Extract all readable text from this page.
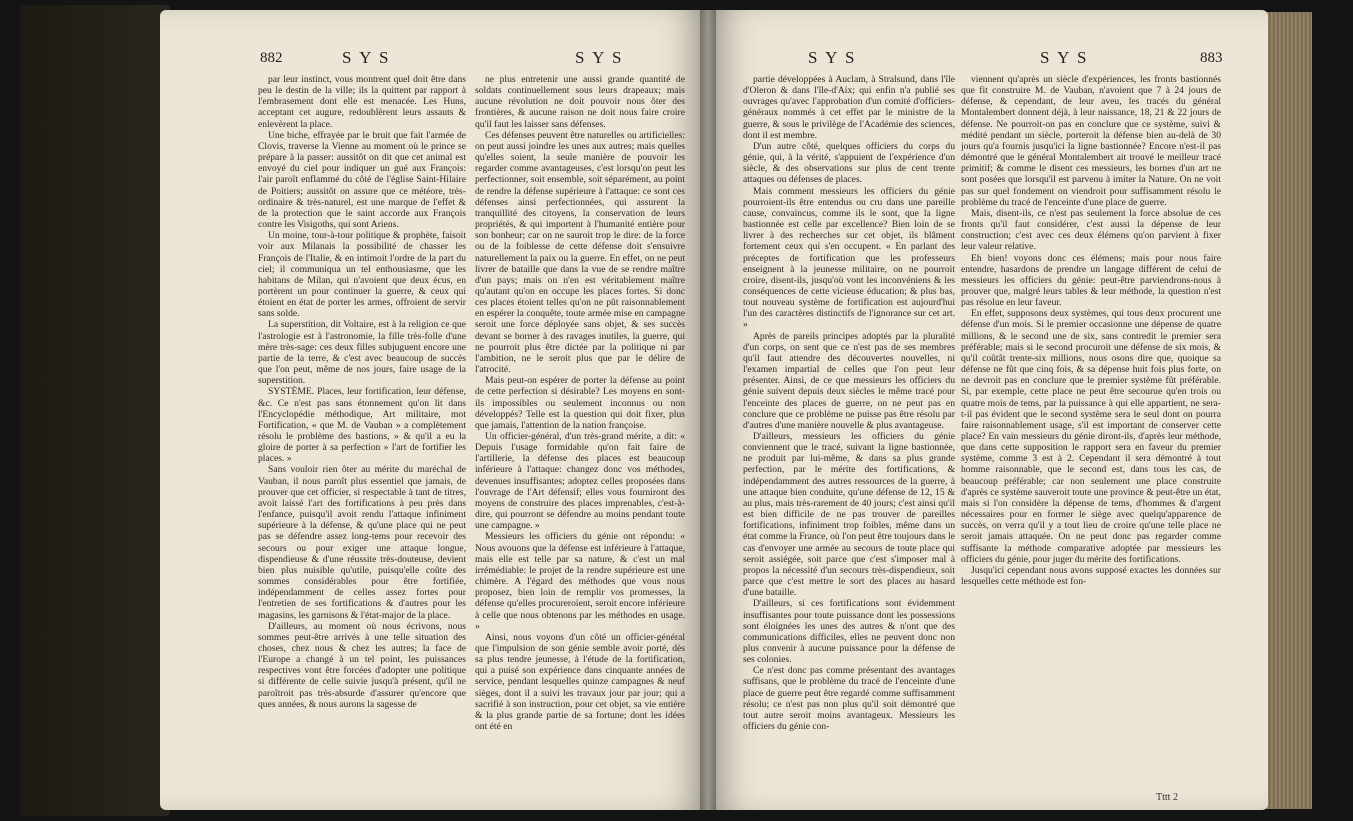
882	S Y S	S Y S

par leur instinct, vous montrent quel doit être dans peu le destin de la ville; ils la quittent par rapport à l'embrasement dont elle est menacée. Les Huns, acceptant cet augure, redoublèrent leurs assauts & enlevèrent la place.

Une biche, effrayée par le bruit que fait l'armée de Clovis, traverse la Vienne au moment où le prince se prépare à la passer: aussitôt on dit que cet animal est envoyé du ciel pour indiquer un gué aux François: l'air paroît enflammé du côté de l'église Saint-Hilaire de Poitiers; aussitôt on assure que ce météore, très-ordinaire & très-naturel, est une marque de l'effet & de la protection que le saint accorde aux François contre les Visigoths, qui sont Ariens.

Un moine, tour-à-tour politique & prophète, faisoit voir aux Milanais la possibilité de chasser les François de l'Italie, & en intimoit l'ordre de la part du ciel; il communiqua un tel enthousiasme, que les habitans de Milan, qui n'avoient que deux écus, en portèrent un pour continuer la guerre, & ceux qui étoient en état de porter les armes, offroient de servir sans solde.

La superstition, dit Voltaire, est à la religion ce que l'astrologie est à l'astronomie, la fille très-folle d'une mère très-sage: ces deux filles subjuguent encore une partie de la terre, & c'est avec beaucoup de succès que l'on peut, même de nos jours, faire usage de la superstition.

SYSTÈME. Places, leur fortification, leur défense, &c. Ce n'est pas sans étonnement qu'on lit dans l'Encyclopédie méthodique, Art militaire, mot Fortification, « que M. de Vauban » a complètement résolu le problème des bastions, » & qu'il a eu la gloire de porter à sa perfection » l'art de fortifier les places. »

Sans vouloir rien ôter au mérite du maréchal de Vauban, il nous paroît plus essentiel que jamais, de prouver que cet officier, si respectable à tant de titres, avoit laissé l'art des fortifications à peu près dans l'enfance, puisqu'il avoit rendu l'attaque infiniment supérieure à la défense, & qu'une place qui ne peut pas se défendre assez long-tems pour recevoir des secours ou pour exiger une attaque longue, dispendieuse & d'une réussite très-douteuse, devient bien plus nuisible qu'utile, puisqu'elle coûte des sommes considérables pour être fortifiée, indépendamment de celles assez fortes pour l'entretien de ses fortifications & d'autres pour les magasins, les garnisons & l'état-major de la place.

D'ailleurs, au moment où nous écrivons, nous sommes peut-être arrivés à une telle situation des choses, chez nous & chez les autres; la face de l'Europe a changé à un tel point, les puissances respectives vont être forcées d'adopter une politique si différente de celle suivie jusqu'à présent, qu'il ne paroîtroit pas très-absurde d'assurer qu'encore que ques années, & nous aurons la sagesse de

ne plus entretenir une aussi grande quantité de soldats continuellement sous leurs drapeaux; mais aucune révolution ne doit pouvoir nous ôter des frontières, & aucune raison ne doit nous faire croire qu'il faut les laisser sans défenses.

Ces défenses peuvent être naturelles ou artificielles: on peut aussi joindre les unes aux autres; mais quelles qu'elles soient, la seule manière de pouvoir les regarder comme avantageuses, c'est lorsqu'on peut les perfectionner, soit ensemble, soit séparément, au point de rendre la défense supérieure à l'attaque: ce sont ces défenses ainsi perfectionnées, qui assurent la tranquillité des citoyens, la conservation de leurs propriétés, & qui importent à l'humanité entière pour son bonheur; car on ne sauroit trop le dire: de la force ou de la foiblesse de cette défense doit s'ensuivre naturellement la paix ou la guerre. En effet, on ne peut livrer de bataille que dans la vue de se rendre maître d'un pays; mais on n'en est véritablement maître qu'autant qu'on en occupe les places fortes. Si donc ces places étoient telles qu'on ne pût raisonnablement en espérer la conquête, toute armée mise en campagne seroit une force déployée sans objet, & ses succès devant se borner à des ravages inutiles, la guerre, qui ne pourroit plus être dictée par la politique ni par l'ambition, ne le seroit plus que par le délire de l'atrocité.

Mais peut-on espérer de porter la défense au point de cette perfection si désirable? Les moyens en sont-ils impossibles ou seulement inconnus ou non développés? Telle est la question qui doit fixer, plus que jamais, l'attention de la nation françoise.

Un officier-général, d'un très-grand mérite, a dit: « Depuis l'usage formidable qu'on fait faire de l'artillerie, la défense des places est beaucoup inférieure à l'attaque: changez donc vos méthodes, devenues insuffisantes; adoptez celles proposées dans l'ouvrage de l'Art défensif; elles vous fourniront des moyens de construire des places imprenables, c'est-à-dire, qui pourront se défendre au moins pendant toute une campagne. »

Messieurs les officiers du génie ont répondu: « Nous avouons que la défense est inférieure à l'attaque, mais elle est telle par sa nature, & c'est un mal irrémédiable: le projet de la rendre supérieure est une chimère. A l'égard des méthodes que vous nous proposez, bien loin de remplir vos promesses, la défense qu'elles procureroient, seroit encore inférieure à celle que nous obtenons par les méthodes en usage. »

Ainsi, nous voyons d'un côté un officier-général que l'impulsion de son génie semble avoir porté, dès sa plus tendre jeunesse, à l'étude de la fortification, qui a puisé son expérience dans cinquante années de service, pendant lesquelles quinze campagnes & neuf sièges, dont il a suivi les travaux jour par jour; qui a sacrifié à son instruction, pour cet objet, sa vie entière & la plus grande partie de sa fortune; dont les idées ont été en

S Y S	S Y S	883

partie développées à Auclam, à Stralsund, dans l'île d'Oleron & dans l'île-d'Aix; qui enfin n'a publié ses ouvrages qu'avec l'approbation d'un comité d'officiers-généraux nommés à cet effet par le ministre de la guerre, & sous le privilège de l'Académie des sciences, dont il est membre.

D'un autre côté, quelques officiers du corps du génie, qui, à la vérité, s'appuient de l'expérience d'un siècle, & des observations sur plus de cent trente attaques ou défenses de places.

Mais comment messieurs les officiers du génie pourroient-ils être entendus ou cru dans une pareille cause, convaincus, comme ils le sont, que la ligne bastionnée est celle par excellence? Bien loin de se livrer à des recherches sur cet objet, ils blâment fortement ceux qui s'en occupent. « En parlant des préceptes de fortification que les professeurs enseignent à la jeunesse militaire, on ne pourroit croire, disent-ils, jusqu'où vont les inconvéniens & les conséquences de cette vicieuse éducation; & plus bas, tout nouveau système de fortification est aujourd'hui l'un des caractères distinctifs de l'ignorance sur cet art. »

Après de pareils principes adoptés par la pluralité d'un corps, on sent que ce n'est pas de ses membres qu'il faut attendre des découvertes nouvelles, ni l'examen impartial de celles que l'on peut leur présenter. Ainsi, de ce que messieurs les officiers du génie suivent depuis deux siècles le même tracé pour l'enceinte des places de guerre, on ne peut pas en conclure que ce problème ne puisse pas être résolu par d'autres d'une manière nouvelle & plus avantageuse.

D'ailleurs, messieurs les officiers du génie conviennent que le tracé, suivant la ligne bastionnée, ne produit par lui-même, & dans sa plus grande perfection, par le mérite des fortifications, & indépendamment des autres ressources de la guerre, à une attaque bien conduite, qu'une défense de 12, 15 & au plus, mais très-rarement de 40 jours; c'est ainsi qu'il est bien difficile de ne pas trouver de pareilles fortifications, infiniment trop foibles, même dans un état comme la France, où l'on peut être toujours dans le cas d'envoyer une armée au secours de toute place qui seroit assiégée, soit parce que c'est s'imposer mal à propos la nécessité d'un secours très-dispendieux, soit parce que c'est mettre le sort des places au hasard d'une bataille.

D'ailleurs, si ces fortifications sont évidemment insuffisantes pour toute puissance dont les possessions sont éloignées les unes des autres & n'ont que des communications difficiles, elles ne peuvent donc non plus convenir à aucune puissance pour la défense de ses colonies.

Ce n'est donc pas comme présentant des avantages suffisans, que le problème du tracé de l'enceinte d'une place de guerre peut être regardé comme suffisamment résolu; ce n'est pas non plus qu'il soit démontré que tout autre seroit moins avantageux. Messieurs les officiers du génie con-

viennent qu'après un siècle d'expériences, les fronts bastionnés que fit construire M. de Vauban, n'avoient que 7 à 24 jours de défense, & cependant, de leur aveu, les tracés du général Montalembert donnent déjà, à leur naissance, 18, 21 & 22 jours de défense. Ne pourroit-on pas en conclure que ce système, suivi & médité pendant un siècle, porteroit la défense bien au-delà de 30 jours qu'a fournis jusqu'ici la ligne bastionnée? Encore n'est-il pas démontré que le général Montalembert ait trouvé le meilleur tracé primitif; & comme le disent ces messieurs, les bornes d'un art ne sont posées que lorsqu'il est parvenu à imiter la Nature. On ne voit pas sur quel fondement on viendroit pour suffisamment résolu le problème du tracé de l'enceinte d'une place de guerre.

Mais, disent-ils, ce n'est pas seulement la force absolue de ces fronts qu'il faut considérer, c'est aussi la dépense de leur construction; c'est avec ces deux élémens qu'on parvient à fixer leur valeur relative.

Eh bien! voyons donc ces élémens; mais pour nous faire entendre, hasardons de prendre un langage différent de celui de messieurs les officiers du génie: peut-être parviendrons-nous à prouver que, malgré leurs tables & leur méthode, la question n'est pas résolue en leur faveur.

En effet, supposons deux systèmes, qui tous deux procurent une défense d'un mois. Si le premier occasionne une dépense de quatre millions, & le second une de six, sans contredit le premier sera préférable; mais si le second procuroit une défense de six mois, & qu'il coûtât trente-six millions, nous osons dire que, quoique sa défense ne fût que cinq fois, & sa dépense huit fois plus forte, on ne devroit pas en conclure que le premier système fût préférable. Si, par exemple, cette place ne peut être secourue qu'en trois ou quatre mois de tems, par la puissance à qui elle appartient, ne sera-t-il pas évident que le second système sera le seul dont on pourra faire raisonnablement usage, s'il est important de conserver cette place? En vain messieurs du génie diront-ils, d'après leur méthode, que dans cette supposition le rapport sera en faveur du premier système, comme 3 est à 2. Cependant il sera démontré à tout homme raisonnable, que le second est, dans tous les cas, de beaucoup préférable; car non seulement une place construite d'après ce système sauveroit toute une province & peut-être un état, mais si l'on considère la dépense de tems, d'hommes & d'argent nécessaires pour en former le siège avec quelqu'apparence de succès, on verra qu'il y a tout lieu de croire qu'une telle place ne seroit jamais attaquée. On ne peut donc pas regarder comme suffisante la méthode comparative adoptée par messieurs les officiers du génie, pour juger du mérite des fortifications.

Jusqu'ici cependant nous avons supposé exactes les données sur lesquelles cette méthode est fon-

Tttt 2
